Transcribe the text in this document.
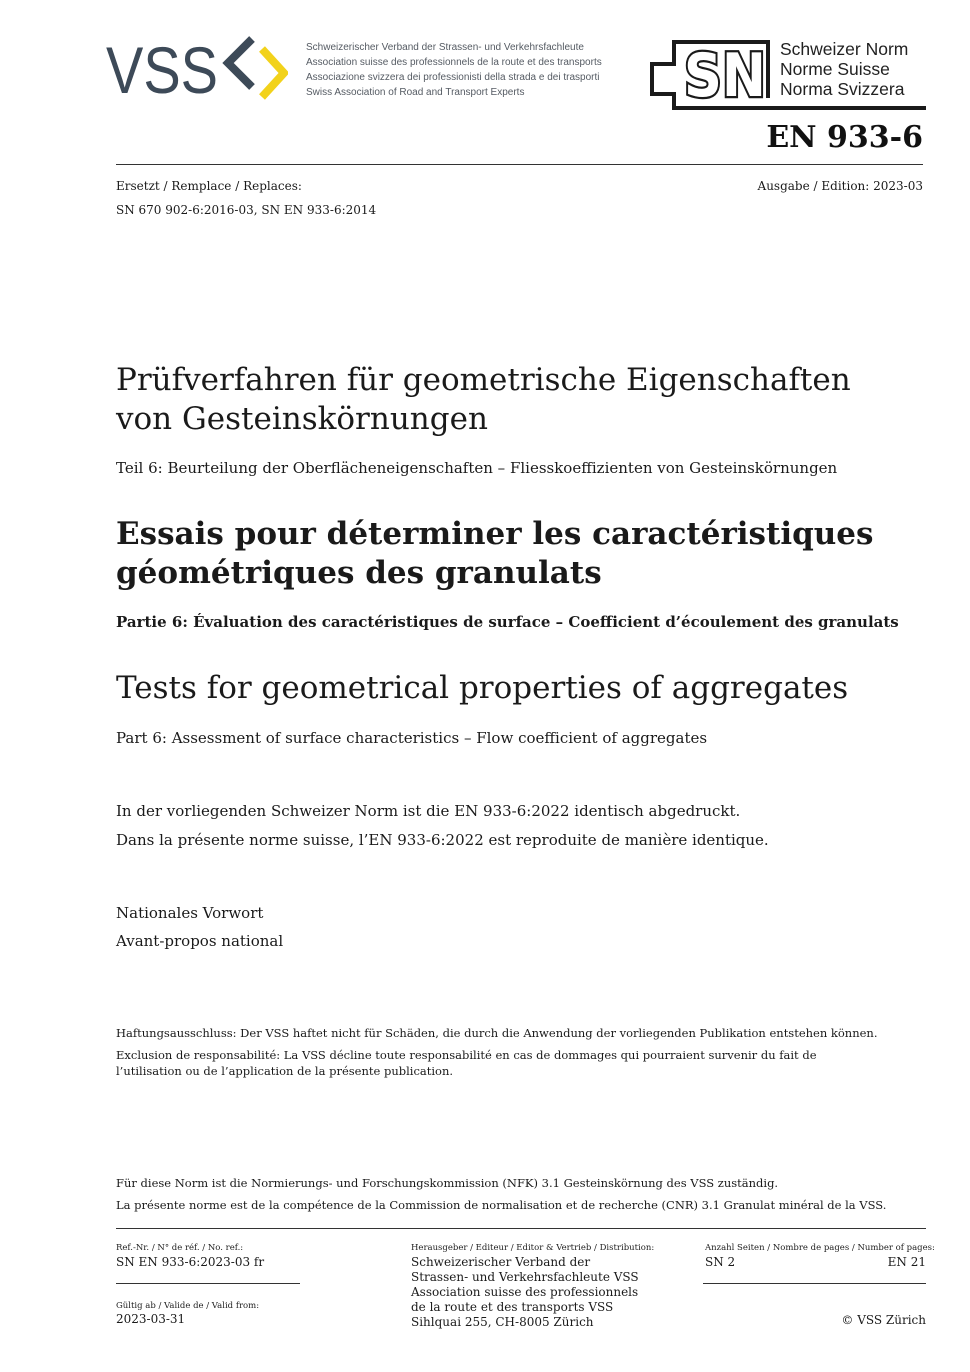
VSS	Schweizerischer Verband der Strassen- und Verkehrsfachleute
Association suisse des professionnels de la route et des transports
Associazione svizzera dei professionisti della strada e dei trasporti
Swiss Association of Road and Transport Experts	SN Schweizer Norm
Norme Suisse
Norma Svizzera
EN 933-6
Ersetzt / Remplace / Replaces:
SN 670 902-6:2016-03, SN EN 933-6:2014
Ausgabe / Edition: 2023-03
Prüfverfahren für geometrische Eigenschaften
von Gesteinskörnungen
Teil 6: Beurteilung der Oberflächeneigenschaften – Fliesskoeffizienten von Gesteinskörnungen
Essais pour déterminer les caractéristiques
géométriques des granulats
Partie 6: Évaluation des caractéristiques de surface – Coefficient d’écoulement des granulats
Tests for geometrical properties of aggregates
Part 6: Assessment of surface characteristics – Flow coefficient of aggregates
In der vorliegenden Schweizer Norm ist die EN 933-6:2022 identisch abgedruckt.
Dans la présente norme suisse, l’EN 933-6:2022 est reproduite de manière identique.
Nationales Vorwort
Avant-propos national
Haftungsausschluss: Der VSS haftet nicht für Schäden, die durch die Anwendung der vorliegenden Publikation entstehen können.
Exclusion de responsabilité: La VSS décline toute responsabilité en cas de dommages qui pourraient survenir du fait de l’utilisation ou de l’application de la présente publication.
Für diese Norm ist die Normierungs- und Forschungskommission (NFK) 3.1 Gesteinskörnung des VSS zuständig.
La présente norme est de la compétence de la Commission de normalisation et de recherche (CNR) 3.1 Granulat minéral de la VSS.
Ref.-Nr. / N° de réf. / No. ref.:
SN EN 933-6:2023-03 fr
Gültig ab / Valide de / Valid from:
2023-03-31
Herausgeber / Editeur / Editor & Vertrieb / Distribution:
Schweizerischer Verband der
Strassen- und Verkehrsfachleute VSS
Association suisse des professionnels
de la route et des transports VSS
Sihlquai 255, CH-8005 Zürich
Anzahl Seiten / Nombre de pages / Number of pages:
SN 2	EN 21
© VSS Zürich
